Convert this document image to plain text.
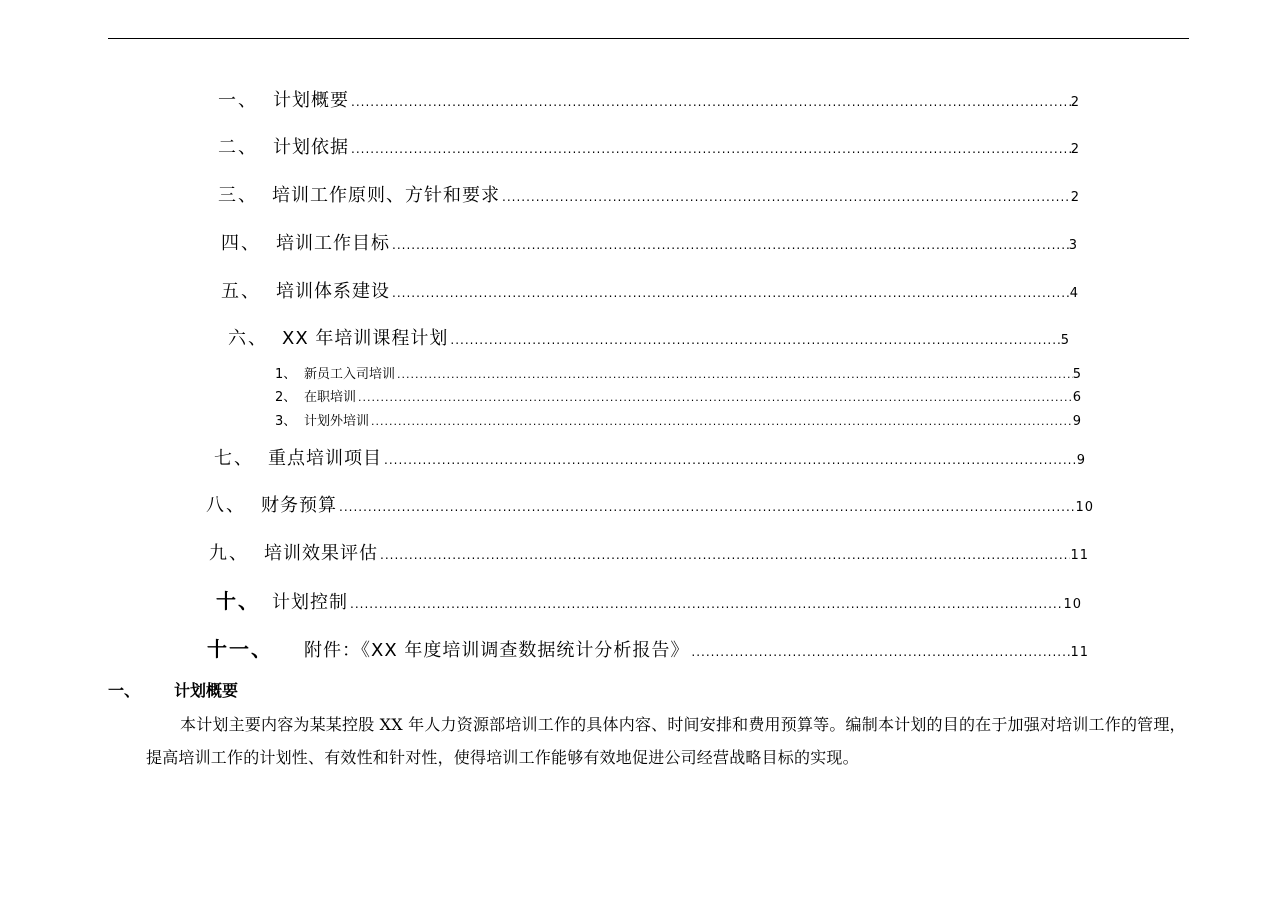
一、 计划概要 .....	2
二、 计划依据 .....	2
三、 培训工作原则、方针和要求 .....	2
四、 培训工作目标 .....	3
五、 培训体系建设 .....	4
六、 XX 年培训课程计划 .....	5
1、 新员工入司培训 .....	5
2、 在职培训 .....	6
3、 计划外培训 .....	9
七、 重点培训项目 .....	9
八、 财务预算 .....	10
九、 培训效果评估 .....	11
十、 计划控制 .....	10
十一、	附件：《XX 年度培训调查数据统计分析报告》 .....	11
一、 计划概要

本计划主要内容为某某控股 XX 年人力资源部培训工作的具体内容、时间安排和费用预算等。编制本计划的目的在于加强对培训工作的管理，提高培训工作的计划性、有效性和针对性，使得培训工作能够有效地促进公司经营战略目标的实现。
